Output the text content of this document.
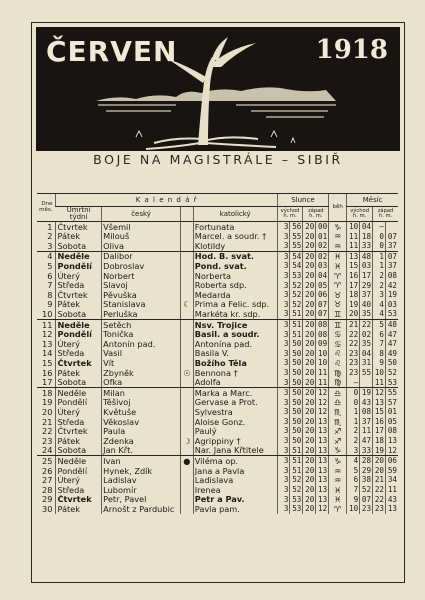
ČERVEN	1918
BOJE NA MAGISTRÁLE – SIBIŘ
Dne měs.	K a l e n d á ř				Slunce				běh	Měsíc			
	Úmrtní
týdní	český		katolický	východ
h. m.		západ
h. m.			východ
h. m.		západ
h. m.	
1	Čtvrtek	Všemil		Fortunata	3	56	20	00	♑	10	04	—	
2	Pátek	Milouš		Marcel. a soudr. †	3	55	20	01	♒	11	18	0	07
3	Sobota	Oliva		Klotildy	3	55	20	02	♒	11	33	0	37
4	Neděle	Dalibor		Hod. B. svat.	3	54	20	02	♓	13	48	1	07
5	Pondělí	Dobroslav		Pond. svat.	3	54	20	03	♓	15	03	1	37
6	Úterý	Norbert		Norberta	3	53	20	04	♈	16	17	2	08
7	Středa	Slavoj		Roberta sdp.	3	52	20	05	♈	17	29	2	42
8	Čtvrtek	Pěvuška		Medarda	3	52	20	06	♉	18	37	3	19
9	Pátek	Stanislava	☾	Prima a Felic. sdp.	3	52	20	07	♉	19	40	4	03
10	Sobota	Perluška		Markéta kr. sdp.	3	51	20	07	♊	20	35	4	53
11	Neděle	Setěch		Nsv. Trojice	3	51	20	08	♊	21	22	5	48
12	Pondělí	Tonička		Basil. a soudr.	3	51	20	08	♋	22	02	6	47
13	Úterý	Antonín pad.		Antonína pad.	3	50	20	09	♋	22	35	7	47
14	Středa	Vasil		Basila V.	3	50	20	10	♌	23	04	8	49
15	Čtvrtek	Vít		Božího Těla	3	50	20	10	♌	23	31	9	50
16	Pátek	Zbyněk	☉	Bennona †	3	50	20	11	♍	23	55	10	52
17	Sobota	Ofka		Adolfa	3	50	20	11	♍	—		11	53
18	Neděle	Milan		Marka a Marc.	3	50	20	12	♎	0	19	12	55
19	Pondělí	Těšivoj		Gervase a Prot.	3	50	20	12	♎	0	43	13	57
20	Úterý	Květuše		Sylvestra	3	50	20	12	♏	1	08	15	01
21	Středa	Věkoslav		Aloise Gonz.	3	50	20	13	♏	1	37	16	05
22	Čtvrtek	Paula		Paulý	3	50	20	13	♐	2	11	17	08
23	Pátek	Zdenka	☽	Agrippiny †	3	50	20	13	♐	2	47	18	13
24	Sobota	Jan Křt.		Nar. Jana Křtitele	3	51	20	13	♑	3	33	19	12
25	Neděle	Ivan	●	Viléma op.	3	51	20	13	♑	4	28	20	06
26	Pondělí	Hynek, Zdík		Jana a Pavla	3	51	20	13	♒	5	29	20	59
27	Úterý	Ladislav		Ladislava	3	52	20	13	♒	6	38	21	34
28	Středa	Lubomír		Ireneа	3	52	20	13	♓	7	52	22	11
29	Čtvrtek	Petr, Pavel		Petr a Pav.	3	53	20	13	♓	9	07	22	43
30	Pátek	Arnošt z Pardubic		Pavla pam.	3	53	20	12	♈	10	23	23	13
